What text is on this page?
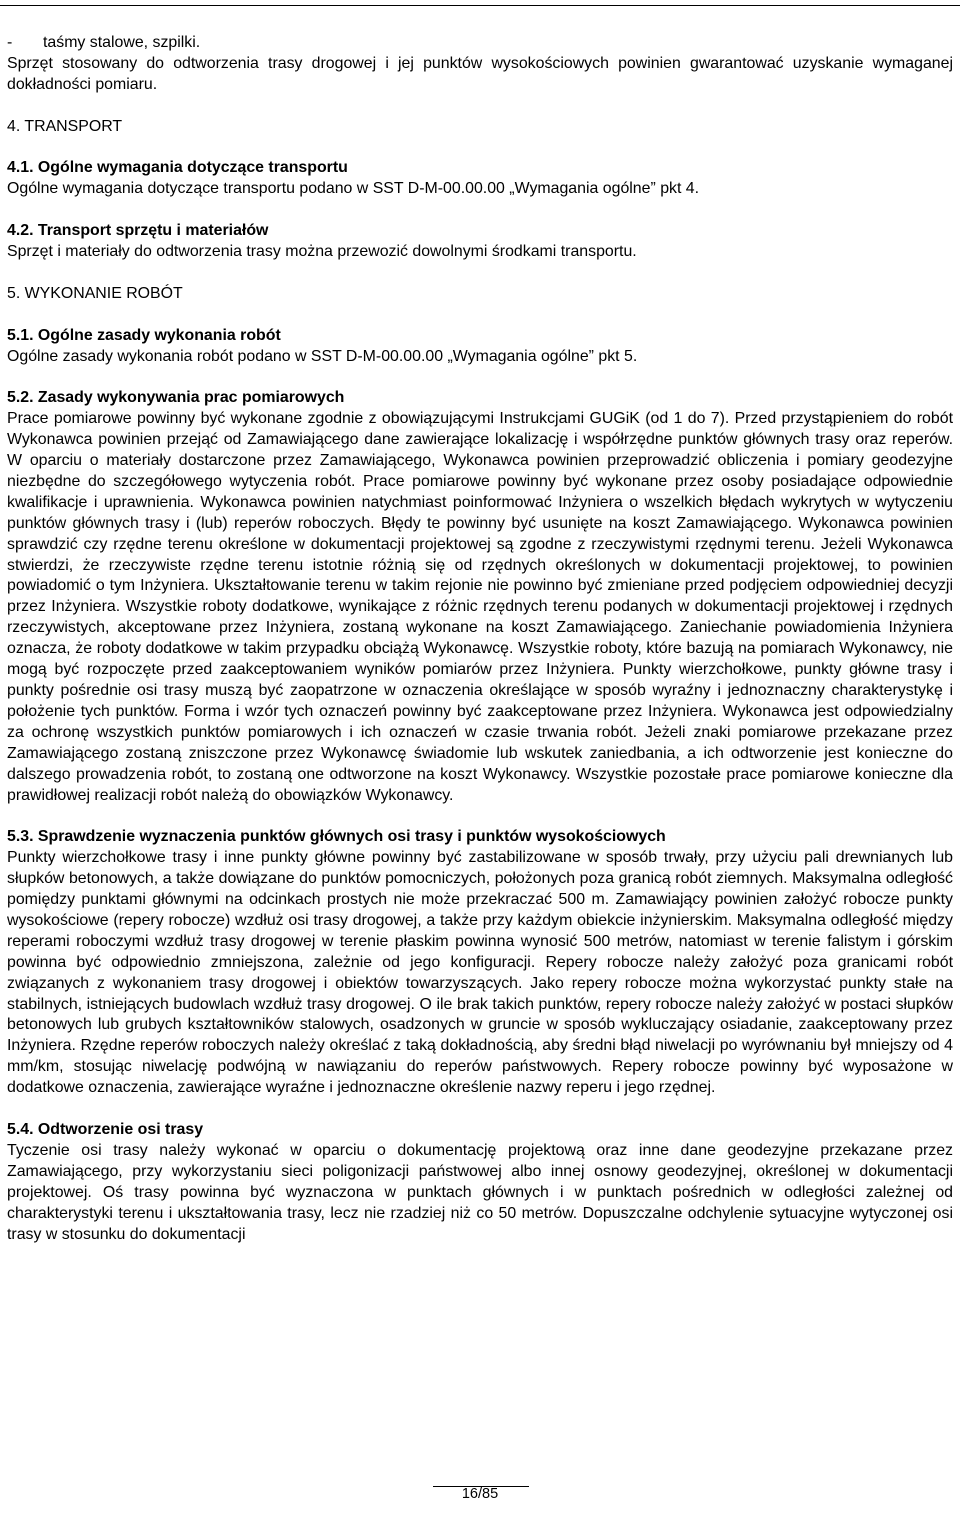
-	taśmy stalowe, szpilki.

Sprzęt stosowany do odtworzenia trasy drogowej i jej punktów wysokościowych powinien gwarantować uzyskanie wymaganej dokładności pomiaru.

4. TRANSPORT

4.1. Ogólne wymagania dotyczące transportu

Ogólne wymagania dotyczące transportu podano w SST D-M-00.00.00 „Wymagania ogólne” pkt 4.

4.2. Transport sprzętu i materiałów

Sprzęt i materiały do odtworzenia trasy można przewozić dowolnymi środkami transportu.

5. WYKONANIE ROBÓT

5.1. Ogólne zasady wykonania robót

Ogólne zasady wykonania robót podano w SST D-M-00.00.00 „Wymagania ogólne” pkt 5.

5.2. Zasady wykonywania prac pomiarowych

Prace pomiarowe powinny być wykonane zgodnie z obowiązującymi Instrukcjami GUGiK (od 1 do 7). Przed przystąpieniem do robót Wykonawca powinien przejąć od Zamawiającego dane zawierające lokalizację i współrzędne punktów głównych trasy oraz reperów. W oparciu o materiały dostarczone przez Zamawiającego, Wykonawca powinien przeprowadzić obliczenia i pomiary geodezyjne niezbędne do szczegółowego wytyczenia robót. Prace pomiarowe powinny być wykonane przez osoby posiadające odpowiednie kwalifikacje i uprawnienia. Wykonawca powinien natychmiast poinformować Inżyniera o wszelkich błędach wykrytych w wytyczeniu punktów głównych trasy i (lub) reperów roboczych. Błędy te powinny być usunięte na koszt Zamawiającego. Wykonawca powinien sprawdzić czy rzędne terenu określone w dokumentacji projektowej są zgodne z rzeczywistymi rzędnymi terenu. Jeżeli Wykonawca stwierdzi, że rzeczywiste rzędne terenu istotnie różnią się od rzędnych określonych w dokumentacji projektowej, to powinien powiadomić o tym Inżyniera. Ukształtowanie terenu w takim rejonie nie powinno być zmieniane przed podjęciem odpowiedniej decyzji przez Inżyniera. Wszystkie roboty dodatkowe, wynikające z różnic rzędnych terenu podanych w dokumentacji projektowej i rzędnych rzeczywistych, akceptowane przez Inżyniera, zostaną wykonane na koszt Zamawiającego. Zaniechanie powiadomienia Inżyniera oznacza, że roboty dodatkowe w takim przypadku obciążą Wykonawcę. Wszystkie roboty, które bazują na pomiarach Wykonawcy, nie mogą być rozpoczęte przed zaakceptowaniem wyników pomiarów przez Inżyniera. Punkty wierzchołkowe, punkty główne trasy i punkty pośrednie osi trasy muszą być zaopatrzone w oznaczenia określające w sposób wyraźny i jednoznaczny charakterystykę i położenie tych punktów. Forma i wzór tych oznaczeń powinny być zaakceptowane przez Inżyniera. Wykonawca jest odpowiedzialny za ochronę wszystkich punktów pomiarowych i ich oznaczeń w czasie trwania robót. Jeżeli znaki pomiarowe przekazane przez Zamawiającego zostaną zniszczone przez Wykonawcę świadomie lub wskutek zaniedbania, a ich odtworzenie jest konieczne do dalszego prowadzenia robót, to zostaną one odtworzone na koszt Wykonawcy. Wszystkie pozostałe prace pomiarowe konieczne dla prawidłowej realizacji robót należą do obowiązków Wykonawcy.

5.3. Sprawdzenie wyznaczenia punktów głównych osi trasy i punktów wysokościowych

Punkty wierzchołkowe trasy i inne punkty główne powinny być zastabilizowane w sposób trwały, przy użyciu pali drewnianych lub słupków betonowych, a także dowiązane do punktów pomocniczych, położonych poza granicą robót ziemnych. Maksymalna odległość pomiędzy punktami głównymi na odcinkach prostych nie może przekraczać 500 m. Zamawiający powinien założyć robocze punkty wysokościowe (repery robocze) wzdłuż osi trasy drogowej, a także przy każdym obiekcie inżynierskim. Maksymalna odległość między reperami roboczymi wzdłuż trasy drogowej w terenie płaskim powinna wynosić 500 metrów, natomiast w terenie falistym i górskim powinna być odpowiednio zmniejszona, zależnie od jego konfiguracji. Repery robocze należy założyć poza granicami robót związanych z wykonaniem trasy drogowej i obiektów towarzyszących. Jako repery robocze można wykorzystać punkty stałe na stabilnych, istniejących budowlach wzdłuż trasy drogowej. O ile brak takich punktów, repery robocze należy założyć w postaci słupków betonowych lub grubych kształtowników stalowych, osadzonych w gruncie w sposób wykluczający osiadanie, zaakceptowany przez Inżyniera. Rzędne reperów roboczych należy określać z taką dokładnością, aby średni błąd niwelacji po wyrównaniu był mniejszy od 4 mm/km, stosując niwelację podwójną w nawiązaniu do reperów państwowych. Repery robocze powinny być wyposażone w dodatkowe oznaczenia, zawierające wyraźne i jednoznaczne określenie nazwy reperu i jego rzędnej.

5.4. Odtworzenie osi trasy

Tyczenie osi trasy należy wykonać w oparciu o dokumentację projektową oraz inne dane geodezyjne przekazane przez Zamawiającego, przy wykorzystaniu sieci poligonizacji państwowej albo innej osnowy geodezyjnej, określonej w dokumentacji projektowej. Oś trasy powinna być wyznaczona w punktach głównych i w punktach pośrednich w odległości zależnej od charakterystyki terenu i ukształtowania trasy, lecz nie rzadziej niż co 50 metrów. Dopuszczalne odchylenie sytuacyjne wytyczonej osi trasy w stosunku do dokumentacji

16/85
